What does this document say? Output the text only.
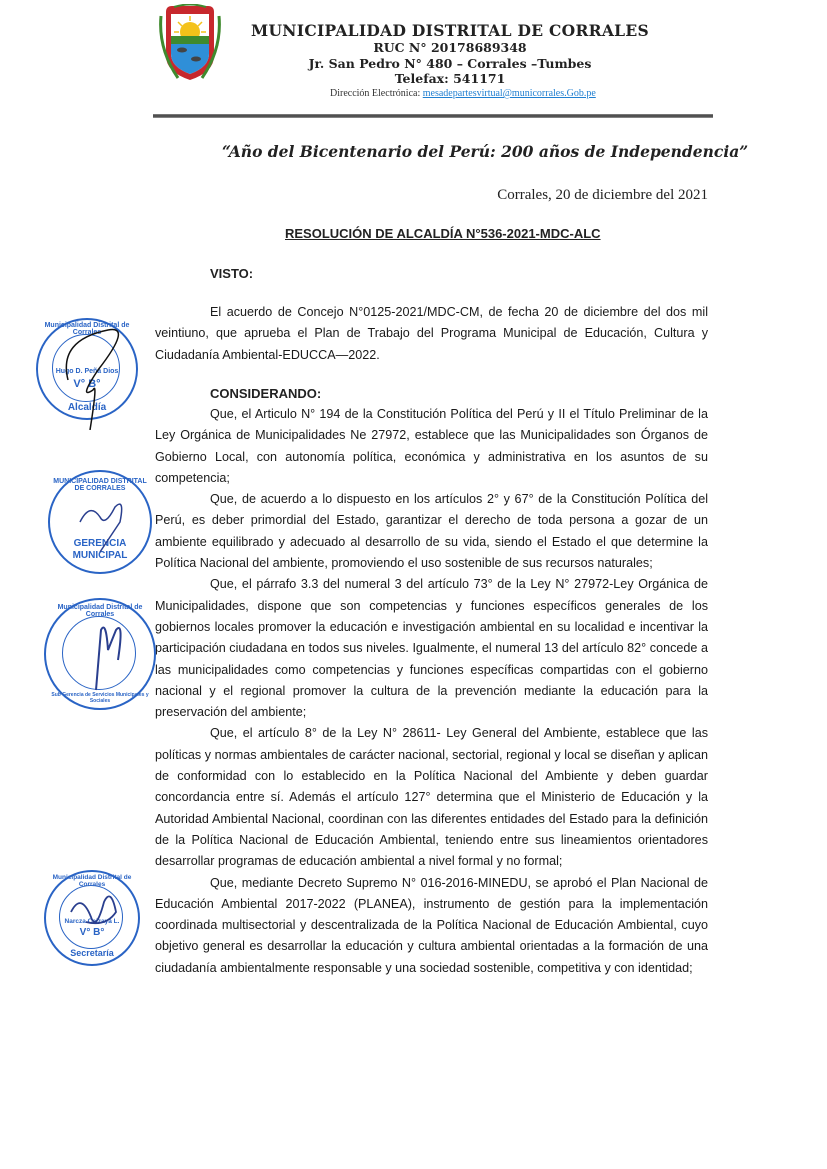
MUNICIPALIDAD DISTRITAL DE CORRALES

RUC N° 20178689348

Jr. San Pedro N° 480 – Corrales –Tumbes

Telefax: 541171

Dirección Electrónica: mesadepartesvirtual@municorrales.Gob.pe
“Año del Bicentenario del Perú: 200 años de Independencia”
Corrales, 20 de diciembre del 2021
RESOLUCIÓN DE ALCALDÍA N°536-2021-MDC-ALC
VISTO:

El acuerdo de Concejo N°0125-2021/MDC-CM, de fecha 20 de diciembre del dos mil veintiuno, que aprueba el Plan de Trabajo del Programa Municipal de Educación, Cultura y Ciudadanía Ambiental-EDUCCA—2022.

CONSIDERANDO:

Que, el Articulo N° 194 de la Constitución Política del Perú y II el Título Preliminar de la Ley Orgánica de Municipalidades Ne 27972, establece que las Municipalidades son Órganos de Gobierno Local, con autonomía política, económica y administrativa en los asuntos de su competencia;

Que, de acuerdo a lo dispuesto en los artículos 2° y 67° de la Constitución Política del Perú, es deber primordial del Estado, garantizar el derecho de toda persona a gozar de un ambiente equilibrado y adecuado al desarrollo de su vida, siendo el Estado el que determine la Política Nacional del ambiente, promoviendo el uso sostenible de sus recursos naturales;

Que, el párrafo 3.3 del numeral 3 del artículo 73° de la Ley N° 27972-Ley Orgánica de Municipalidades, dispone que son competencias y funciones específicos generales de los gobiernos locales promover la educación e investigación ambiental en su localidad e incentivar la participación ciudadana en todos sus niveles. Igualmente, el numeral 13 del artículo 82° concede a las municipalidades como competencias y funciones específicas compartidas con el gobierno nacional y el regional promover la cultura de la prevención mediante la educación para la preservación del ambiente;

Que, el artículo 8° de la Ley N° 28611- Ley General del Ambiente, establece que las políticas y normas ambientales de carácter nacional, sectorial, regional y local se diseñan y aplican de conformidad con lo establecido en la Política Nacional del Ambiente y deben guardar concordancia entre sí. Además el artículo 127° determina que el Ministerio de Educación y la Autoridad Ambiental Nacional, coordinan con las diferentes entidades del Estado para la definición de la Política Nacional de Educación Ambiental, teniendo entre sus lineamientos orientadores desarrollar programas de educación ambiental a nivel formal y no formal;

Que, mediante Decreto Supremo N° 016-2016-MINEDU, se aprobó el Plan Nacional de Educación Ambiental 2017-2022 (PLANEA), instrumento de gestión para la implementación coordinada multisectorial y descentralizada de la Política Nacional de Educación Ambiental, cuyo objetivo general es desarrollar la educación y cultura ambiental orientadas a la formación de una ciudadanía ambientalmente responsable y una sociedad sostenible, competitiva y con identidad;

Municipalidad Distrital de Corrales
Hugo D. Peña Dios
V° B°
Alcaldía
MUNICIPALIDAD DISTRITAL DE CORRALES
GERENCIA
MUNICIPAL
Municipalidad Distrital de Corrales
Sub Gerencia de Servicios Municipales y Sociales
Municipalidad Distrital de Corrales
Narcza Caizaya L.
V° B°
Secretaría
